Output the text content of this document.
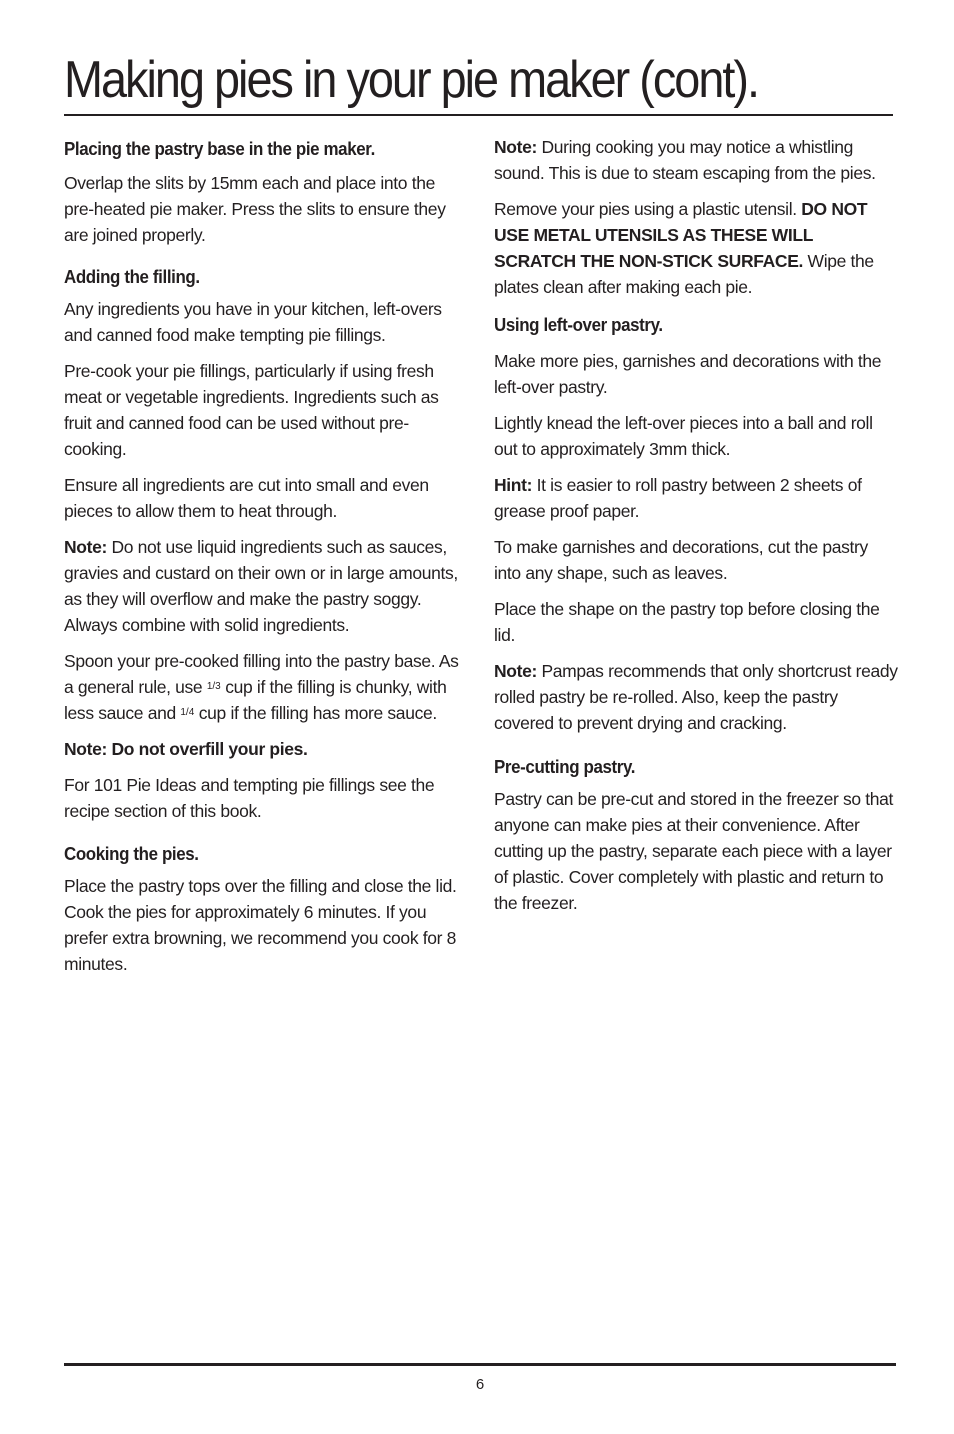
Making pies in your pie maker (cont).
Placing the pastry base in the pie maker.

Overlap the slits by 15mm each and place into the pre-heated pie maker. Press the slits to ensure they are joined properly.

Adding the filling.

Any ingredients you have in your kitchen, left-overs and canned food make tempting pie fillings.

Pre-cook your pie fillings, particularly if using fresh meat or vegetable ingredients. Ingredients such as fruit and canned food can be used without pre-cooking.

Ensure all ingredients are cut into small and even pieces to allow them to heat through.

Note: Do not use liquid ingredients such as sauces, gravies and custard on their own or in large amounts, as they will overflow and make the pastry soggy. Always combine with solid ingredients.

Spoon your pre-cooked filling into the pastry base. As a general rule, use $^{1/3}$ cup if the filling is chunky, with less sauce and $^{1/4}$ cup if the filling has more sauce.

Note: Do not overfill your pies.

For 101 Pie Ideas and tempting pie fillings see the recipe section of this book.

Cooking the pies.

Place the pastry tops over the filling and close the lid. Cook the pies for approximately 6 minutes. If you prefer extra browning, we recommend you cook for 8 minutes.

Note: During cooking you may notice a whistling sound. This is due to steam escaping from the pies.

Remove your pies using a plastic utensil. DO NOT USE METAL UTENSILS AS THESE WILL SCRATCH THE NON-STICK SURFACE. Wipe the plates clean after making each pie.

Using left-over pastry.

Make more pies, garnishes and decorations with the left-over pastry.

Lightly knead the left-over pieces into a ball and roll out to approximately 3mm thick.

Hint: It is easier to roll pastry between 2 sheets of grease proof paper.

To make garnishes and decorations, cut the pastry into any shape, such as leaves.

Place the shape on the pastry top before closing the lid.

Note: Pampas recommends that only shortcrust ready rolled pastry be re-rolled. Also, keep the pastry covered to prevent drying and cracking.

Pre-cutting pastry.

Pastry can be pre-cut and stored in the freezer so that anyone can make pies at their convenience. After cutting up the pastry, separate each piece with a layer of plastic. Cover completely with plastic and return to the freezer.

6
